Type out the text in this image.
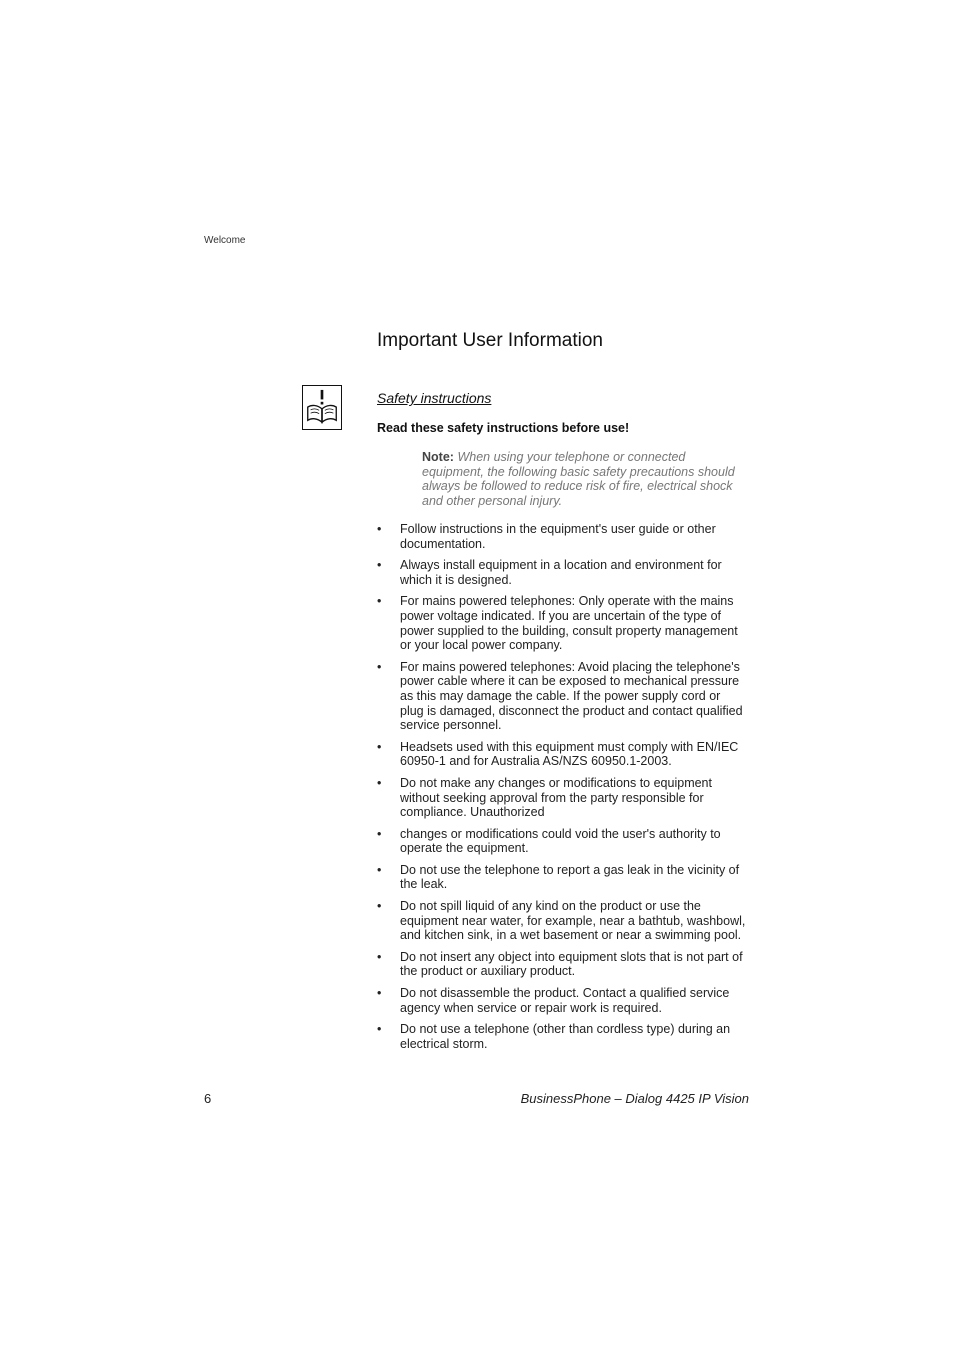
Welcome
Important User Information
Safety instructions

Read these safety instructions before use!

Note: When using your telephone or connected equipment, the following basic safety precautions should always be followed to reduce risk of fire, electrical shock and other personal injury.

• Follow instructions in the equipment's user guide or other documentation.
• Always install equipment in a location and environment for which it is designed.
• For mains powered telephones: Only operate with the mains power voltage indicated. If you are uncertain of the type of power supplied to the building, consult property management or your local power company.
• For mains powered telephones: Avoid placing the telephone's power cable where it can be exposed to mechanical pressure as this may damage the cable. If the power supply cord or plug is damaged, disconnect the product and contact qualified service personnel.
• Headsets used with this equipment must comply with EN/IEC 60950-1 and for Australia AS/NZS 60950.1-2003.
• Do not make any changes or modifications to equipment without seeking approval from the party responsible for compliance. Unauthorized
• changes or modifications could void the user's authority to operate the equipment.
• Do not use the telephone to report a gas leak in the vicinity of the leak.
• Do not spill liquid of any kind on the product or use the equipment near water, for example, near a bathtub, washbowl, and kitchen sink, in a wet basement or near a swimming pool.
• Do not insert any object into equipment slots that is not part of the product or auxiliary product.
• Do not disassemble the product. Contact a qualified service agency when service or repair work is required.
• Do not use a telephone (other than cordless type) during an electrical storm.
6	BusinessPhone – Dialog 4425 IP Vision
